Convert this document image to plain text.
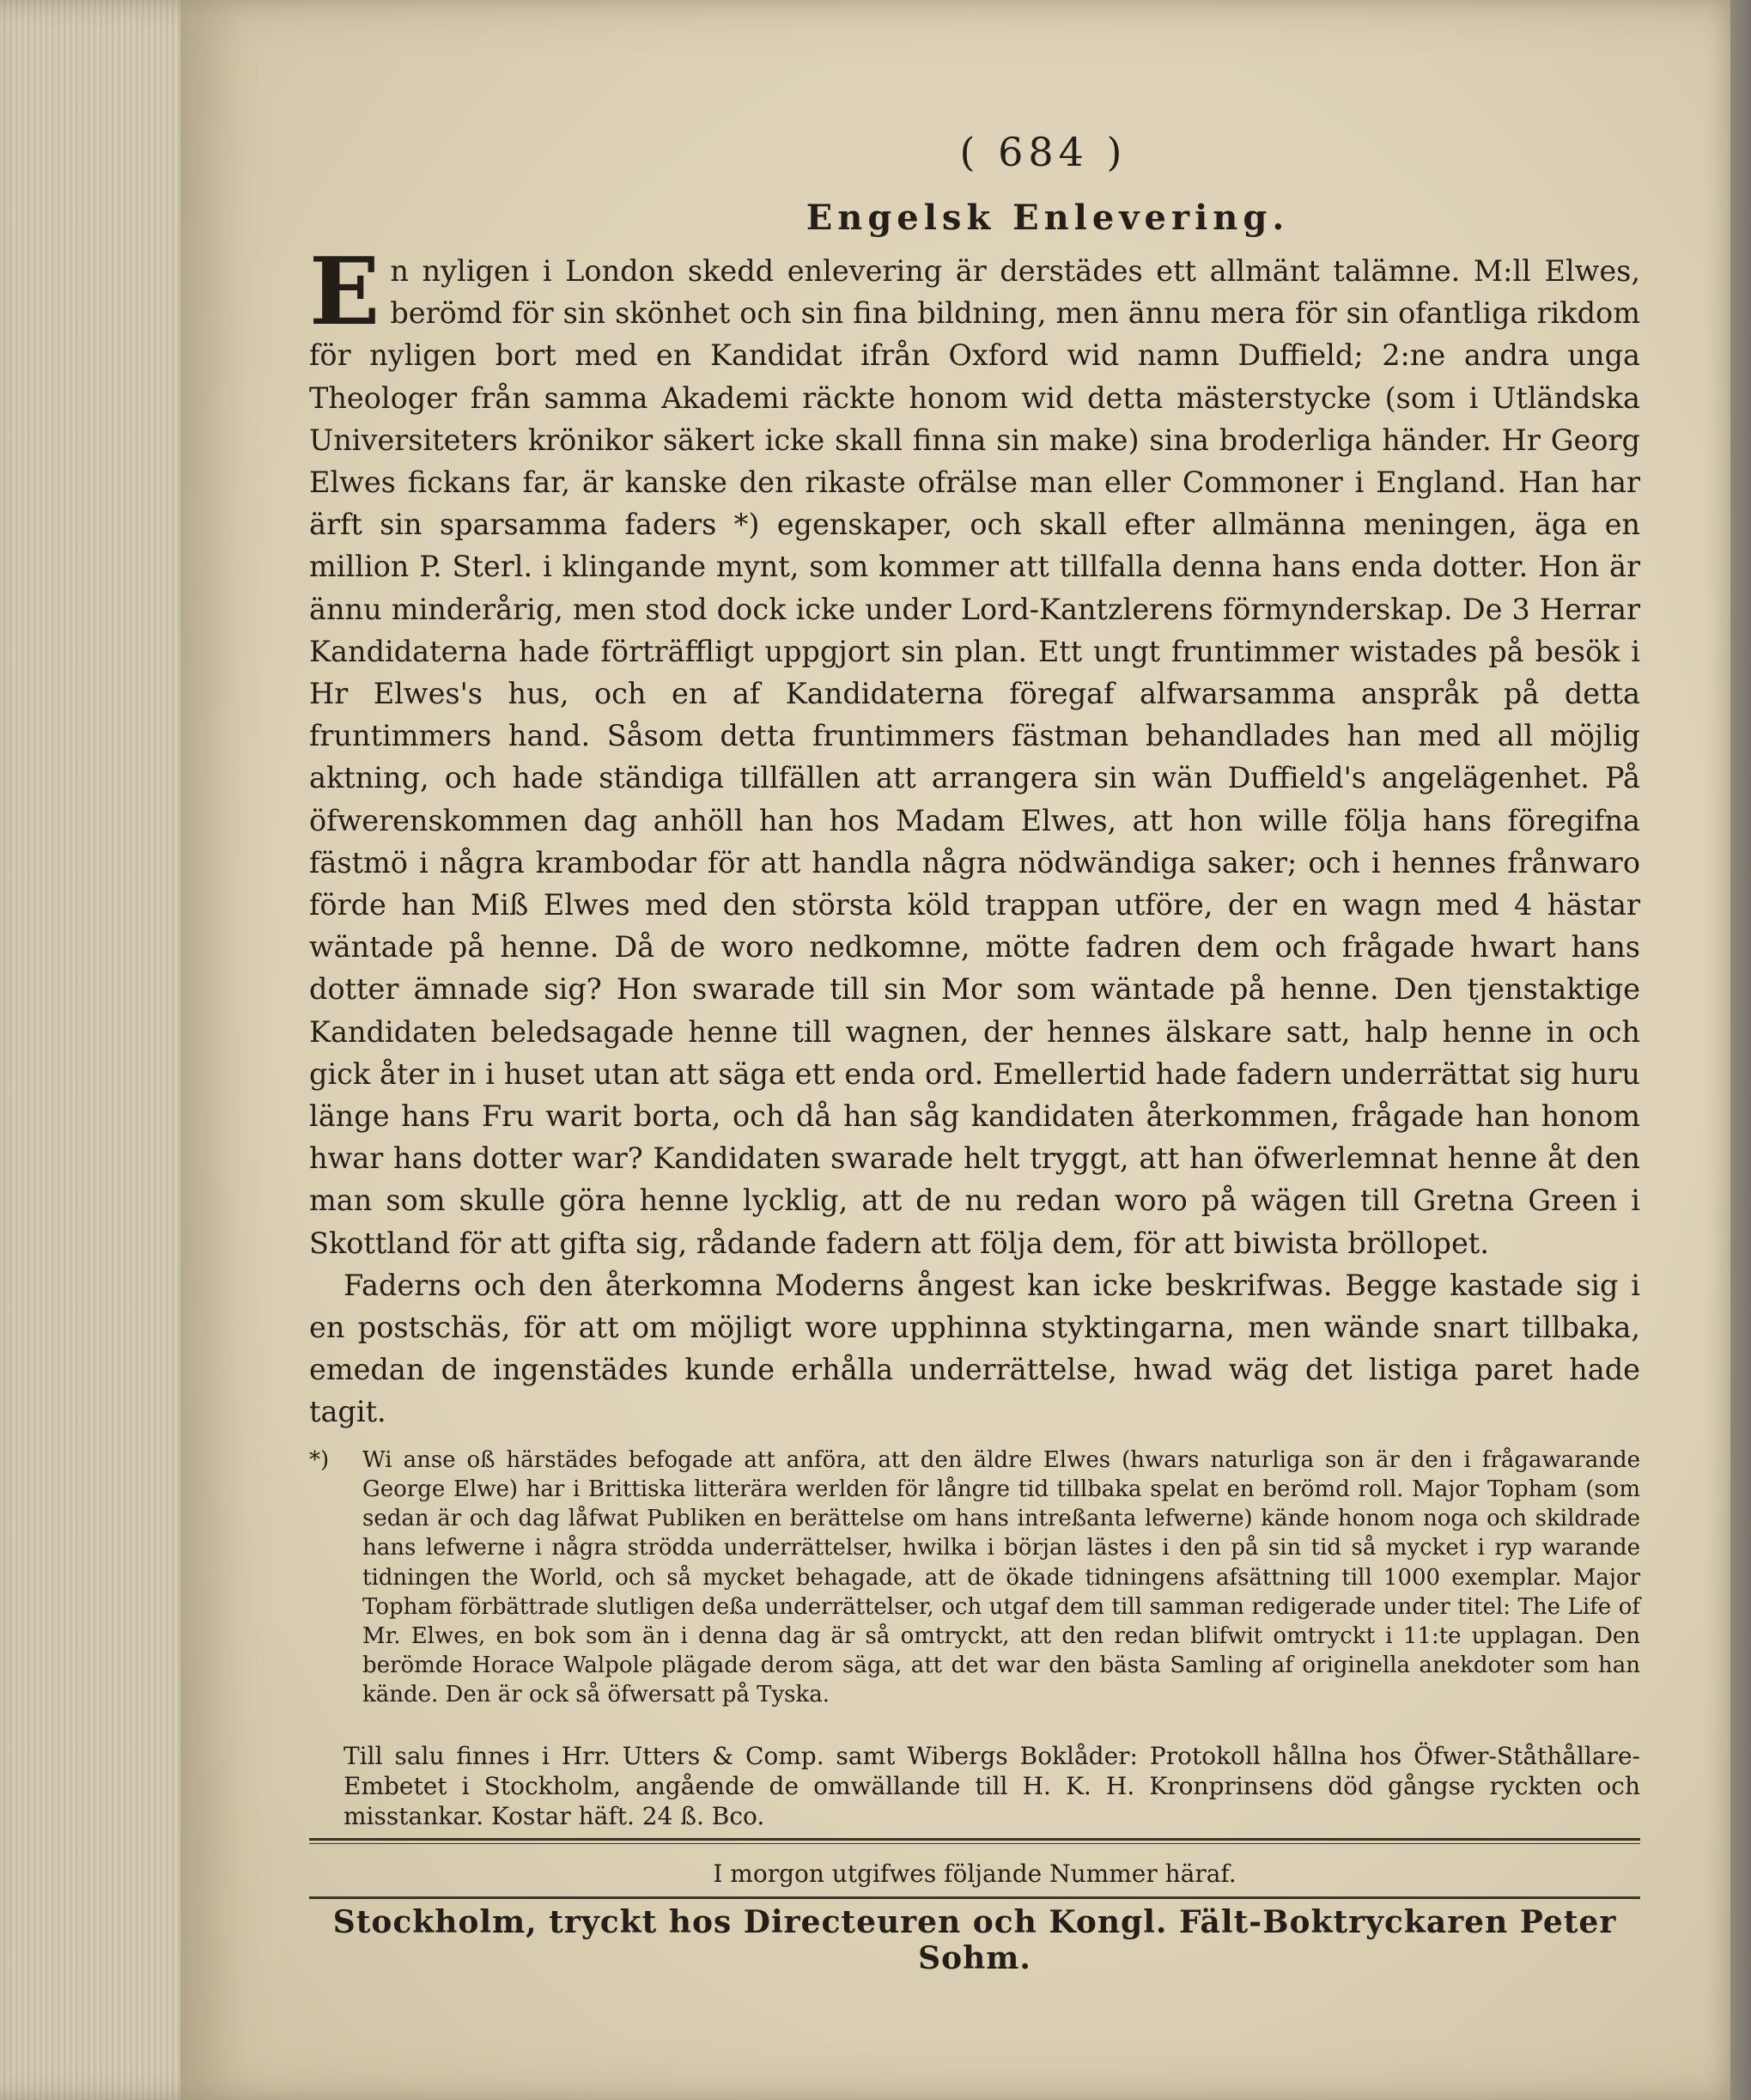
( 684 )
Engelsk Enlevering.

En nyligen i London skedd enlevering är derstädes ett allmänt talämne. M:ll Elwes, berömd för sin skönhet och sin fina bildning, men ännu mera för sin ofantliga rikdom för nyligen bort med en Kandidat ifrån Oxford wid namn Duffield; 2:ne andra unga Theologer från samma Akademi räckte honom wid detta mästerstycke (som i Utländska Universiteters krönikor säkert icke skall finna sin make) sina broderliga händer. Hr Georg Elwes fickans far, är kanske den rikaste ofrälse man eller Commoner i England. Han har ärft sin sparsamma faders *) egenskaper, och skall efter allmänna meningen, äga en million P. Sterl. i klingande mynt, som kommer att tillfalla denna hans enda dotter. Hon är ännu minderårig, men stod dock icke under Lord-Kantzlerens förmynderskap. De 3 Herrar Kandidaterna hade förträffligt uppgjort sin plan. Ett ungt fruntimmer wistades på besök i Hr Elwes's hus, och en af Kandidaterna föregaf alfwarsamma anspråk på detta fruntimmers hand. Såsom detta fruntimmers fästman behandlades han med all möjlig aktning, och hade ständiga tillfällen att arrangera sin wän Duffield's angelägenhet. På öfwerenskommen dag anhöll han hos Madam Elwes, att hon wille följa hans föregifna fästmö i några krambodar för att handla några nödwändiga saker; och i hennes frånwaro förde han Miß Elwes med den största köld trappan utföre, der en wagn med 4 hästar wäntade på henne. Då de woro nedkomne, mötte fadren dem och frågade hwart hans dotter ämnade sig? Hon swarade till sin Mor som wäntade på henne. Den tjenstaktige Kandidaten beledsagade henne till wagnen, der hennes älskare satt, halp henne in och gick åter in i huset utan att säga ett enda ord. Emellertid hade fadern underrättat sig huru länge hans Fru warit borta, och då han såg kandidaten återkommen, frågade han honom hwar hans dotter war? Kandidaten swarade helt tryggt, att han öfwerlemnat henne åt den man som skulle göra henne lycklig, att de nu redan woro på wägen till Gretna Green i Skottland för att gifta sig, rådande fadern att följa dem, för att biwista bröllopet.

Faderns och den återkomna Moderns ångest kan icke beskrifwas. Begge kastade sig i en postschäs, för att om möjligt wore upphinna styktingarna, men wände snart tillbaka, emedan de ingenstädes kunde erhålla underrättelse, hwad wäg det listiga paret hade tagit.

*) Wi anse oß härstädes befogade att anföra, att den äldre Elwes (hwars naturliga son är den i frågawarande George Elwe) har i Brittiska litterära werlden för långre tid tillbaka spelat en berömd roll. Major Topham (som sedan är och dag låfwat Publiken en berättelse om hans intreßanta lefwerne) kände honom noga och skildrade hans lefwerne i några strödda underrättelser, hwilka i början lästes i den på sin tid så mycket i ryp warande tidningen the World, och så mycket behagade, att de ökade tidningens afsättning till 1000 exemplar. Major Topham förbättrade slutligen deßa underrättelser, och utgaf dem till samman redigerade under titel: The Life of Mr. Elwes, en bok som än i denna dag är så omtryckt, att den redan blifwit omtryckt i 11:te upplagan. Den berömde Horace Walpole plägade derom säga, att det war den bästa Samling af originella anekdoter som han kände. Den är ock så öfwersatt på Tyska.
Till salu finnes i Hrr. Utters & Comp. samt Wibergs Boklåder: Protokoll hållna hos Öfwer-Ståthållare-Embetet i Stockholm, angående de omwällande till H. K. H. Kronprinsens död gångse ryckten och misstankar. Kostar häft. 24 ß. Bco.
I morgon utgifwes följande Nummer häraf.
Stockholm, tryckt hos Directeuren och Kongl. Fält-Boktryckaren Peter Sohm.
